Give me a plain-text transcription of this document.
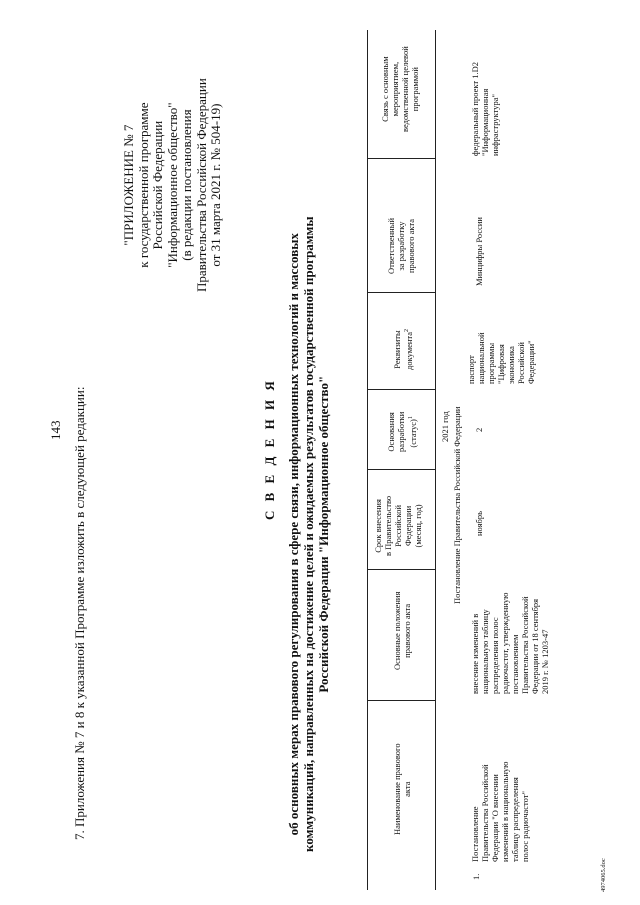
143 7. Приложения № 7 и 8 к указанной Программе изложить в следующей редакции:
"ПРИЛОЖЕНИЕ № 7 к государственной программе Российской Федерации "Информационное общество" (в редакции постановления Правительства Российской Федерации от 31 марта 2021 г. № 504-19)
С В Е Д Е Н И Я об основных мерах правового регулирования в сфере связи, информационных технологий и массовых коммуникаций, направленных на достижение целей и ожидаемых результатов государственной программы Российской Федерации "Информационное общество"
Наименование правового акта
Основные положения правового акта
Срок внесения в Правительство Российской Федерации (месяц, год)
Основания разработки (статус)$^1$
Реквизиты документа$^2$
Ответственный за разработку правового акта
Связь с основным мероприятием, ведомственной целевой программой
2021 год Постановление Правительства Российской Федерации
1.
Постановление Правительства Российской Федерации "О внесении изменений в национальную таблицу распределения полос радиочастот"
внесение изменений в национальную таблицу распределения полос радиочастот, утвержденную постановлением Правительства Российской Федерации от 18 сентября 2019 г. № 1203-47
ноябрь
2
паспорт национальной программы "Цифровая экономика Российской Федерации"
Минцифры России
федеральный проект 1.D2 "Информационная инфраструктура"
4974065.doc
